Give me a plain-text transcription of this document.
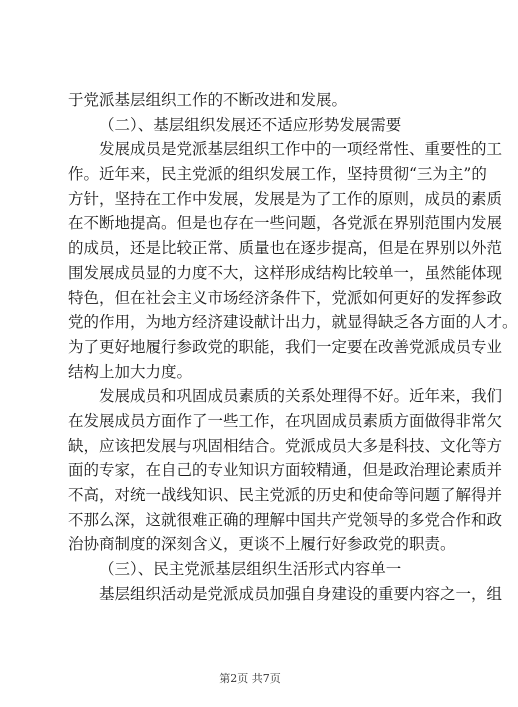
于党派基层组织工作的不断改进和发展。
（二）、基层组织发展还不适应形势发展需要
发展成员是党派基层组织工作中的一项经常性、重要性的工
作。近年来，民主党派的组织发展工作，坚持贯彻“三为主”的
方针，坚持在工作中发展，发展是为了工作的原则，成员的素质
在不断地提高。但是也存在一些问题，各党派在界别范围内发展
的成员，还是比较正常、质量也在逐步提高，但是在界别以外范
围发展成员显的力度不大，这样形成结构比较单一，虽然能体现
特色，但在社会主义市场经济条件下，党派如何更好的发挥参政
党的作用，为地方经济建设献计出力，就显得缺乏各方面的人才。
为了更好地履行参政党的职能，我们一定要在改善党派成员专业
结构上加大力度。
发展成员和巩固成员素质的关系处理得不好。近年来，我们
在发展成员方面作了一些工作，在巩固成员素质方面做得非常欠
缺，应该把发展与巩固相结合。党派成员大多是科技、文化等方
面的专家，在自己的专业知识方面较精通，但是政治理论素质并
不高，对统一战线知识、民主党派的历史和使命等问题了解得并
不那么深，这就很难正确的理解中国共产党领导的多党合作和政
治协商制度的深刻含义，更谈不上履行好参政党的职责。
（三）、民主党派基层组织生活形式内容单一
基层组织活动是党派成员加强自身建设的重要内容之一，组
第2页 共7页
